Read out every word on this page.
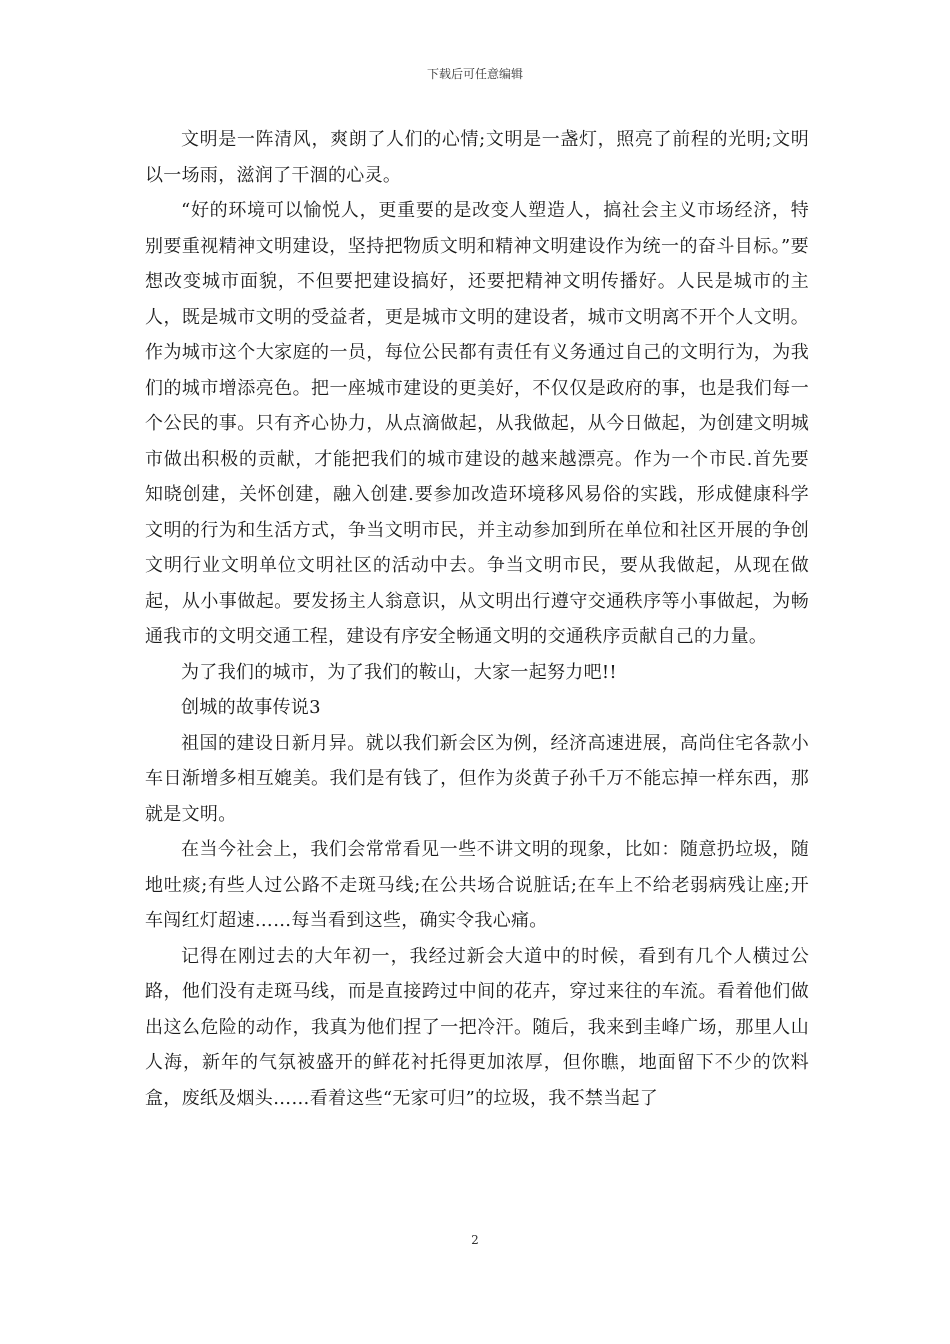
下载后可任意编辑

文明是一阵清风，爽朗了人们的心情;文明是一盏灯，照亮了前程的光明;文明以一场雨，滋润了干涸的心灵。

“好的环境可以愉悦人，更重要的是改变人塑造人，搞社会主义市场经济，特别要重视精神文明建设，坚持把物质文明和精神文明建设作为统一的奋斗目标。”要想改变城市面貌，不但要把建设搞好，还要把精神文明传播好。人民是城市的主人，既是城市文明的受益者，更是城市文明的建设者，城市文明离不开个人文明。作为城市这个大家庭的一员，每位公民都有责任有义务通过自己的文明行为，为我们的城市增添亮色。把一座城市建设的更美好，不仅仅是政府的事，也是我们每一个公民的事。只有齐心协力，从点滴做起，从我做起，从今日做起，为创建文明城市做出积极的贡献，才能把我们的城市建设的越来越漂亮。作为一个市民.首先要知晓创建，关怀创建，融入创建.要参加改造环境移风易俗的实践，形成健康科学文明的行为和生活方式，争当文明市民，并主动参加到所在单位和社区开展的争创文明行业文明单位文明社区的活动中去。争当文明市民，要从我做起，从现在做起，从小事做起。要发扬主人翁意识，从文明出行遵守交通秩序等小事做起，为畅通我市的文明交通工程，建设有序安全畅通文明的交通秩序贡献自己的力量。

为了我们的城市，为了我们的鞍山，大家一起努力吧!!

创城的故事传说3

祖国的建设日新月异。就以我们新会区为例，经济高速进展，高尚住宅各款小车日渐增多相互媲美。我们是有钱了，但作为炎黄子孙千万不能忘掉一样东西，那就是文明。

在当今社会上，我们会常常看见一些不讲文明的现象，比如：随意扔垃圾，随地吐痰;有些人过公路不走斑马线;在公共场合说脏话;在车上不给老弱病残让座;开车闯红灯超速……每当看到这些，确实令我心痛。

记得在刚过去的大年初一，我经过新会大道中的时候，看到有几个人横过公路，他们没有走斑马线，而是直接跨过中间的花卉，穿过来往的车流。看着他们做出这么危险的动作，我真为他们捏了一把冷汗。随后，我来到圭峰广场，那里人山人海，新年的气氛被盛开的鲜花衬托得更加浓厚，但你瞧，地面留下不少的饮料盒，废纸及烟头……看着这些“无家可归”的垃圾，我不禁当起了

2
